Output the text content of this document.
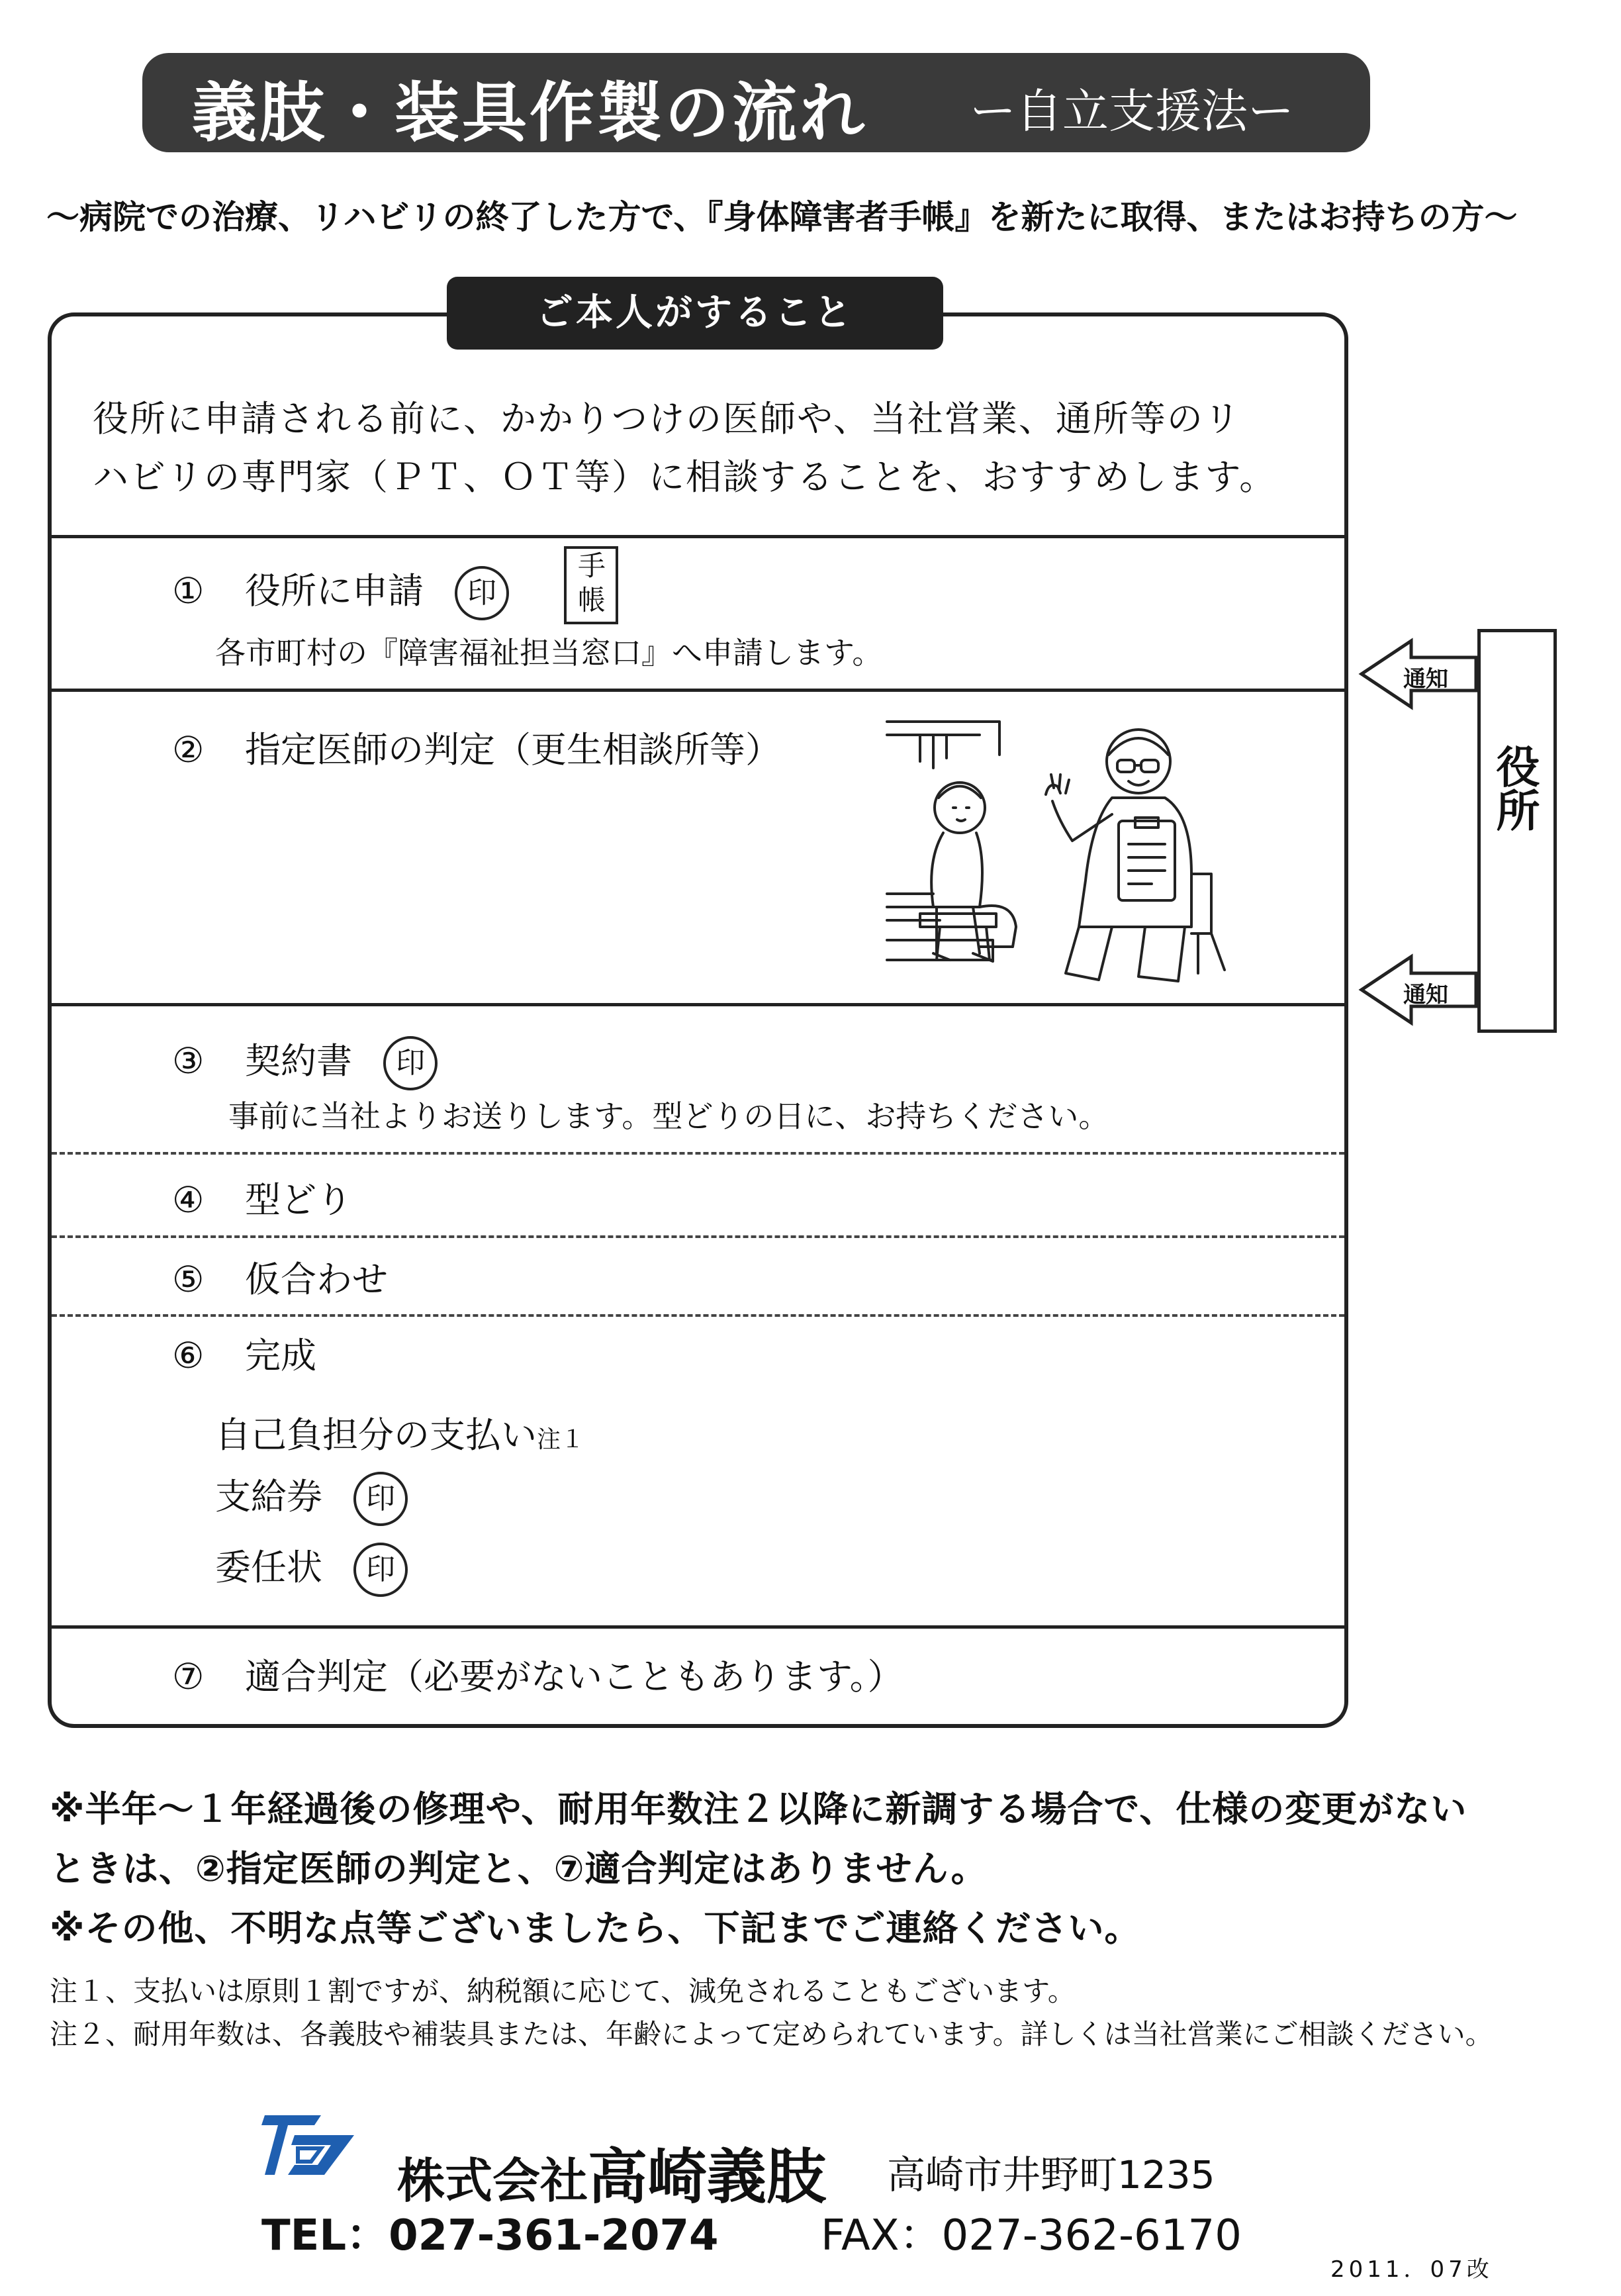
義肢・装具作製の流れ ー自立支援法ー
～病院での治療、リハビリの終了した方で、『身体障害者手帳』を新たに取得、またはお持ちの方～
ご本人がすること
役所に申請される前に、かかりつけの医師や、当社営業、通所等のリ
ハビリの専門家（ＰＴ、ＯＴ等）に相談することを、おすすめします。
① 役所に申請 印
手帳
各市町村の『障害福祉担当窓口』へ申請します。
② 指定医師の判定（更生相談所等）
③ 契約書 印
事前に当社よりお送りします。型どりの日に、お持ちください。
④ 型どり
⑤ 仮合わせ
⑥ 完成
自己負担分の支払い注１
支給券 印
委任状 印
⑦ 適合判定（必要がないこともあります。）
役所
通知
通知
※半年～１年経過後の修理や、耐用年数注２以降に新調する場合で、仕様の変更がない
ときは、②指定医師の判定と、⑦適合判定はありません。
※その他、不明な点等ございましたら、下記までご連絡ください。
注１、支払いは原則１割ですが、納税額に応じて、減免されることもございます。
注２、耐用年数は、各義肢や補装具または、年齢によって定められています。詳しくは当社営業にご相談ください。
株式会社高崎義肢 高崎市井野町1235
TEL：027-361-2074 FAX：027-362-6170
2011．07改
